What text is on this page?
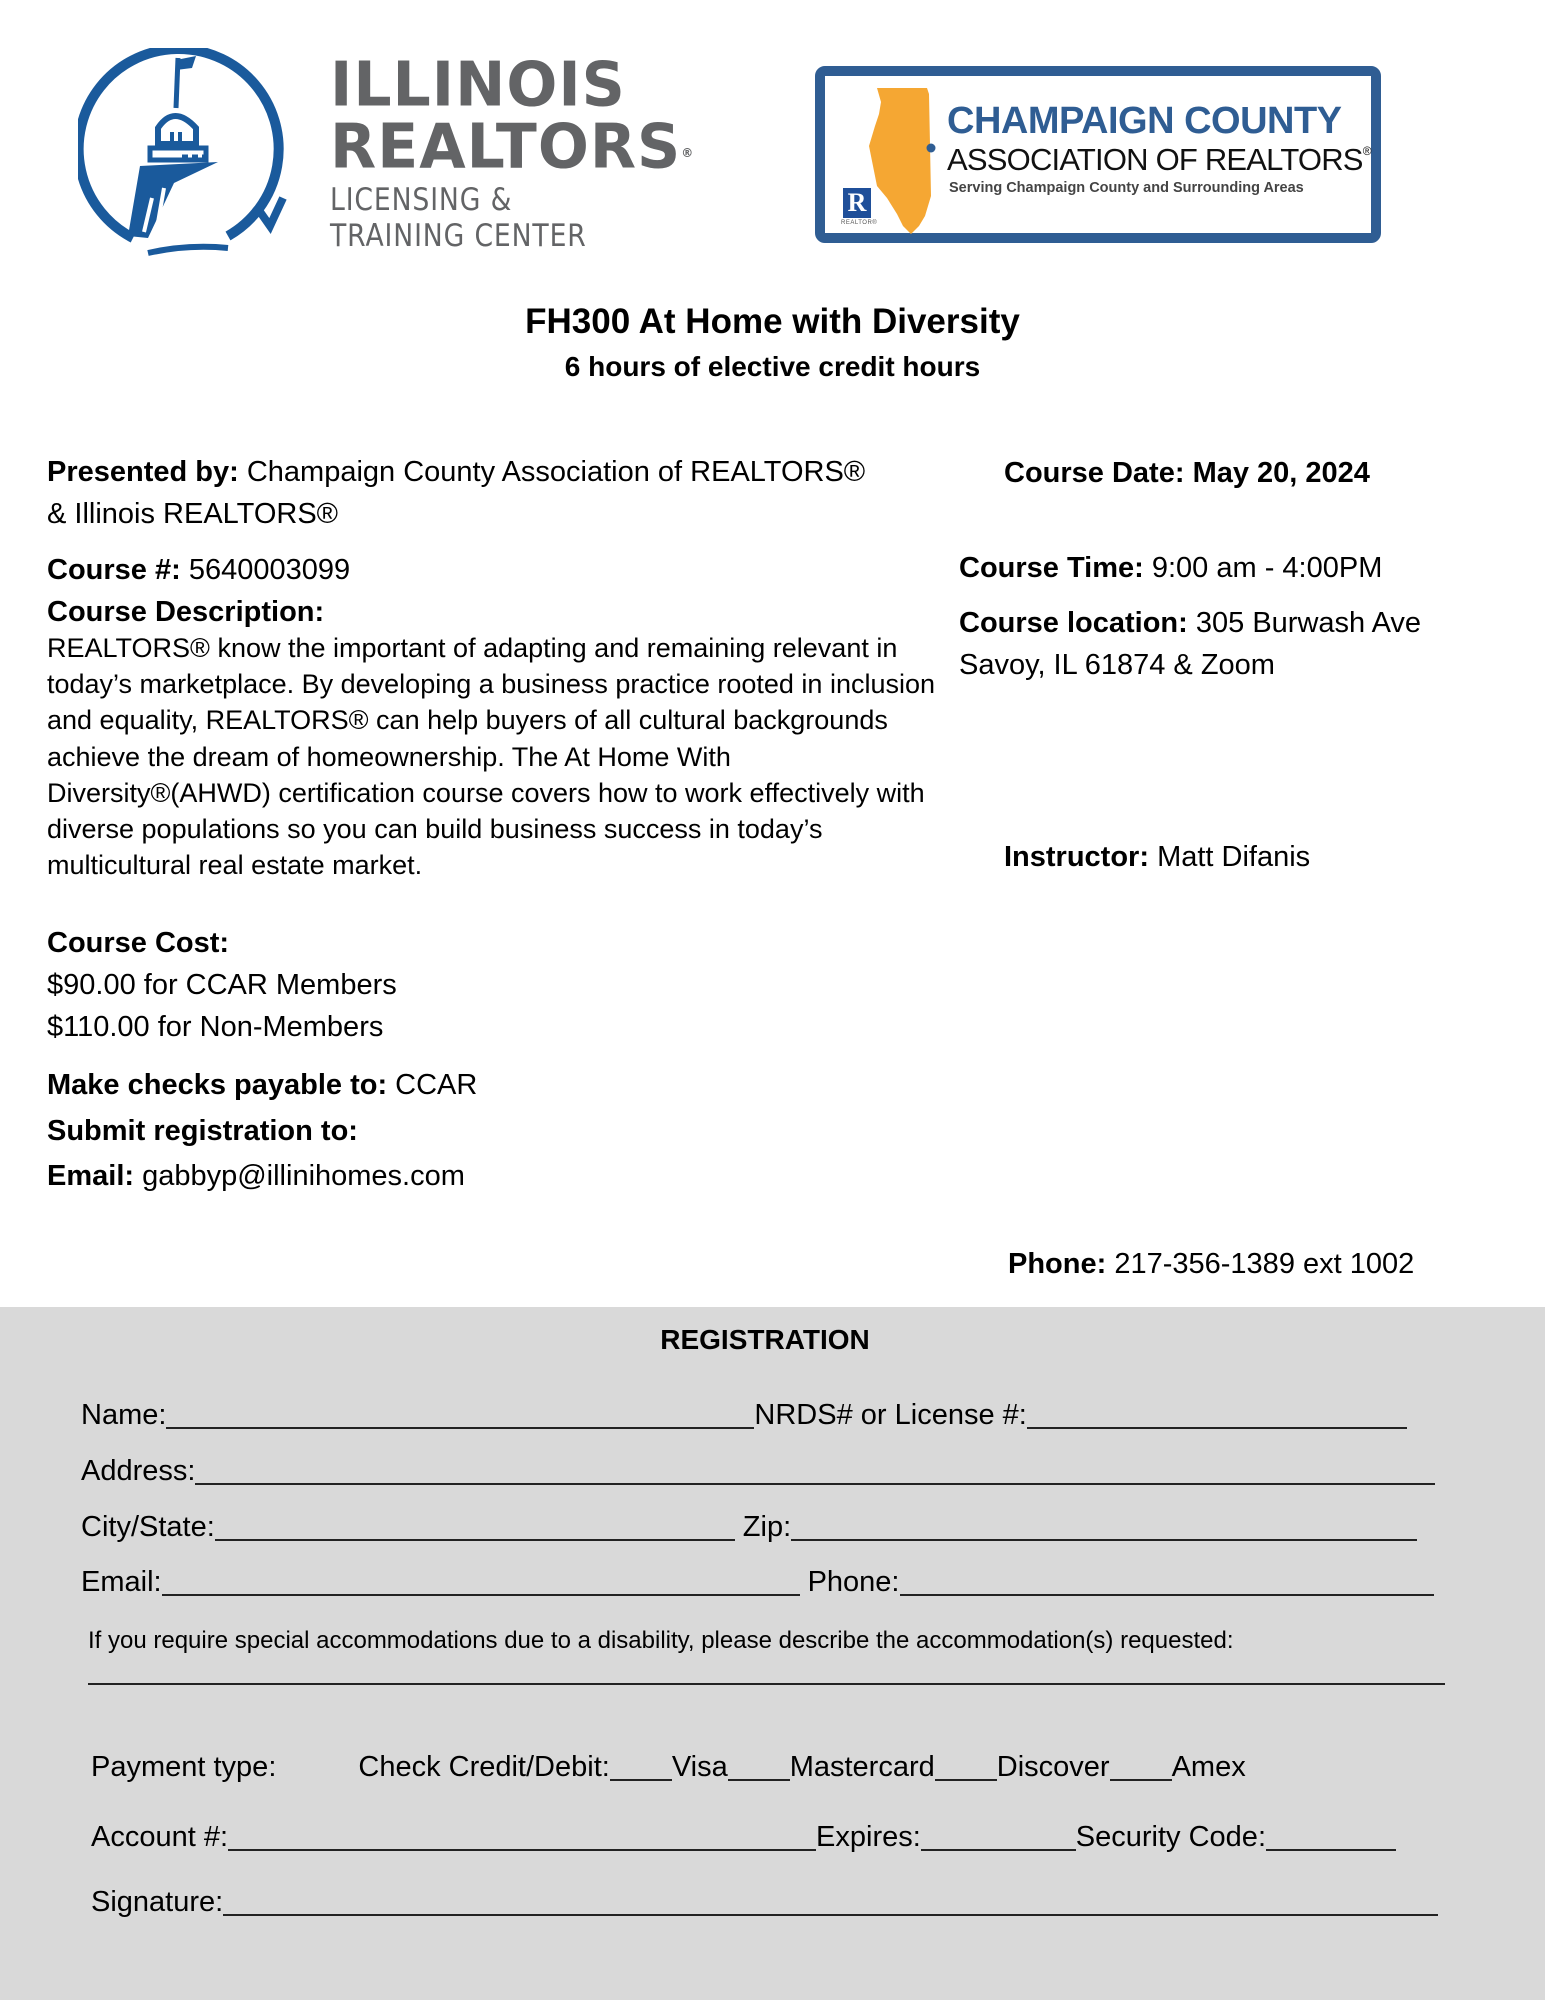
ILLINOIS
REALTORS®
LICENSING &
TRAINING CENTER
R
REALTOR®
CHAMPAIGN COUNTY
ASSOCIATION OF REALTORS®
Serving Champaign County and Surrounding Areas
FH300 At Home with Diversity
6 hours of elective credit hours
Presented by: Champaign County Association of REALTORS®
& Illinois REALTORS®
Course #: 5640003099
Course Description:
REALTORS® know the important of adapting and remaining relevant in today’s marketplace. By developing a business practice rooted in inclusion and equality, REALTORS® can help buyers of all cultural backgrounds achieve the dream of homeownership. The At Home With Diversity®(AHWD) certification course covers how to work effectively with diverse populations so you can build business success in today’s multicultural real estate market.
Course Cost:
$90.00 for CCAR Members
$110.00 for Non-Members
Make checks payable to: CCAR
Submit registration to:
Email: gabbyp@illinihomes.com
Course Date: May 20, 2024
Course Time: 9:00 am - 4:00PM
Course location: 305 Burwash Ave
Savoy, IL 61874 & Zoom
Instructor: Matt Difanis
Phone: 217-356-1389 ext 1002
REGISTRATION
Name:	NRDS# or License #:
Address:
City/State:	Zip:
Email:	Phone:
If you require special accommodations due to a disability, please describe the accommodation(s) requested:
Payment type:	Check Credit/Debit: Visa Mastercard Discover Amex
Account #:	Expires:	Security Code:
Signature:
